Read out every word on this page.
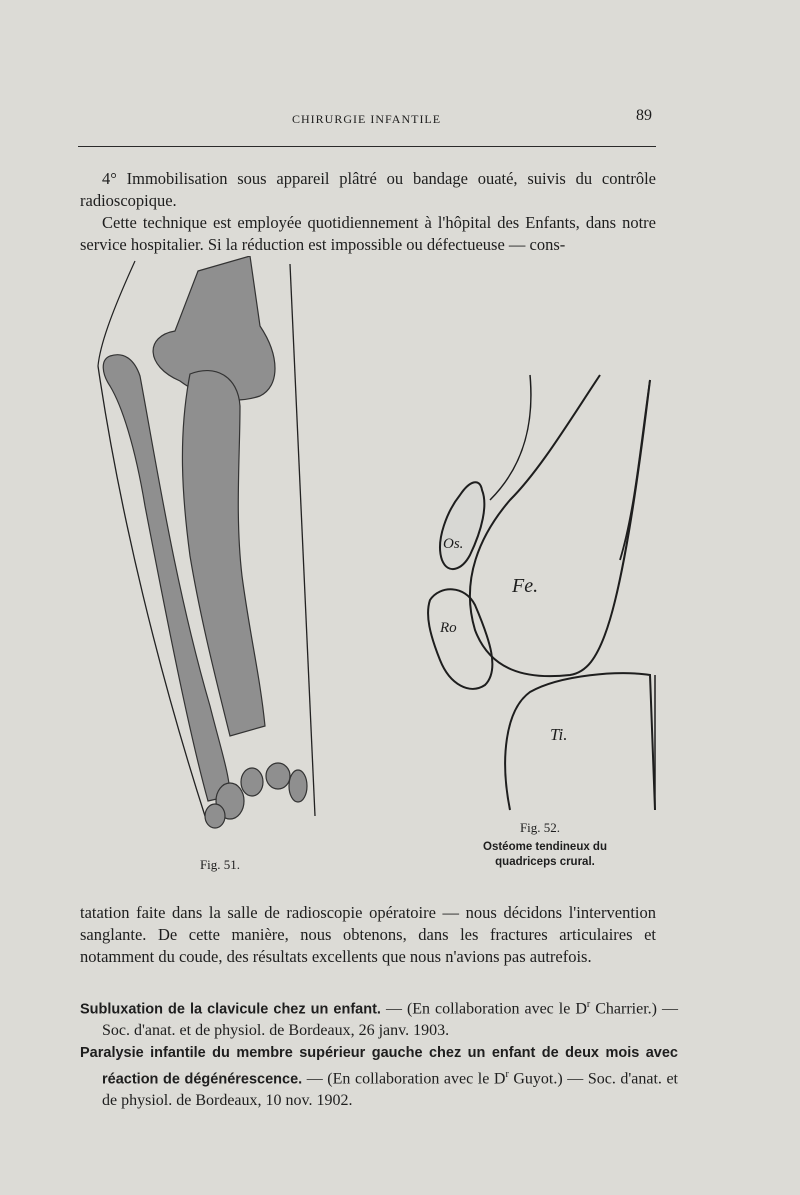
CHIRURGIE INFANTILE	89

4° Immobilisation sous appareil plâtré ou bandage ouaté, suivis du contrôle radioscopique.

Cette technique est employée quotidiennement à l'hôpital des Enfants, dans notre service hospitalier. Si la réduction est impossible ou défectueuse — cons-

Fig. 51.
Os.
Fe.
Ro
Ti.
Fig. 52.
Ostéome tendineux du quadriceps crural.

tatation faite dans la salle de radioscopie opératoire — nous décidons l'intervention sanglante. De cette manière, nous obtenons, dans les fractures articulaires et notamment du coude, des résultats excellents que nous n'avions pas autrefois.

Subluxation de la clavicule chez un enfant. — (En collaboration avec le $D^r$ Charrier.) — Soc. d'anat. et de physiol. de Bordeaux, 26 janv. 1903.

Paralysie infantile du membre supérieur gauche chez un enfant de deux mois avec réaction de dégénérescence. — (En collaboration avec le $D^r$ Guyot.) — Soc. d'anat. et de physiol. de Bordeaux, 10 nov. 1902.
